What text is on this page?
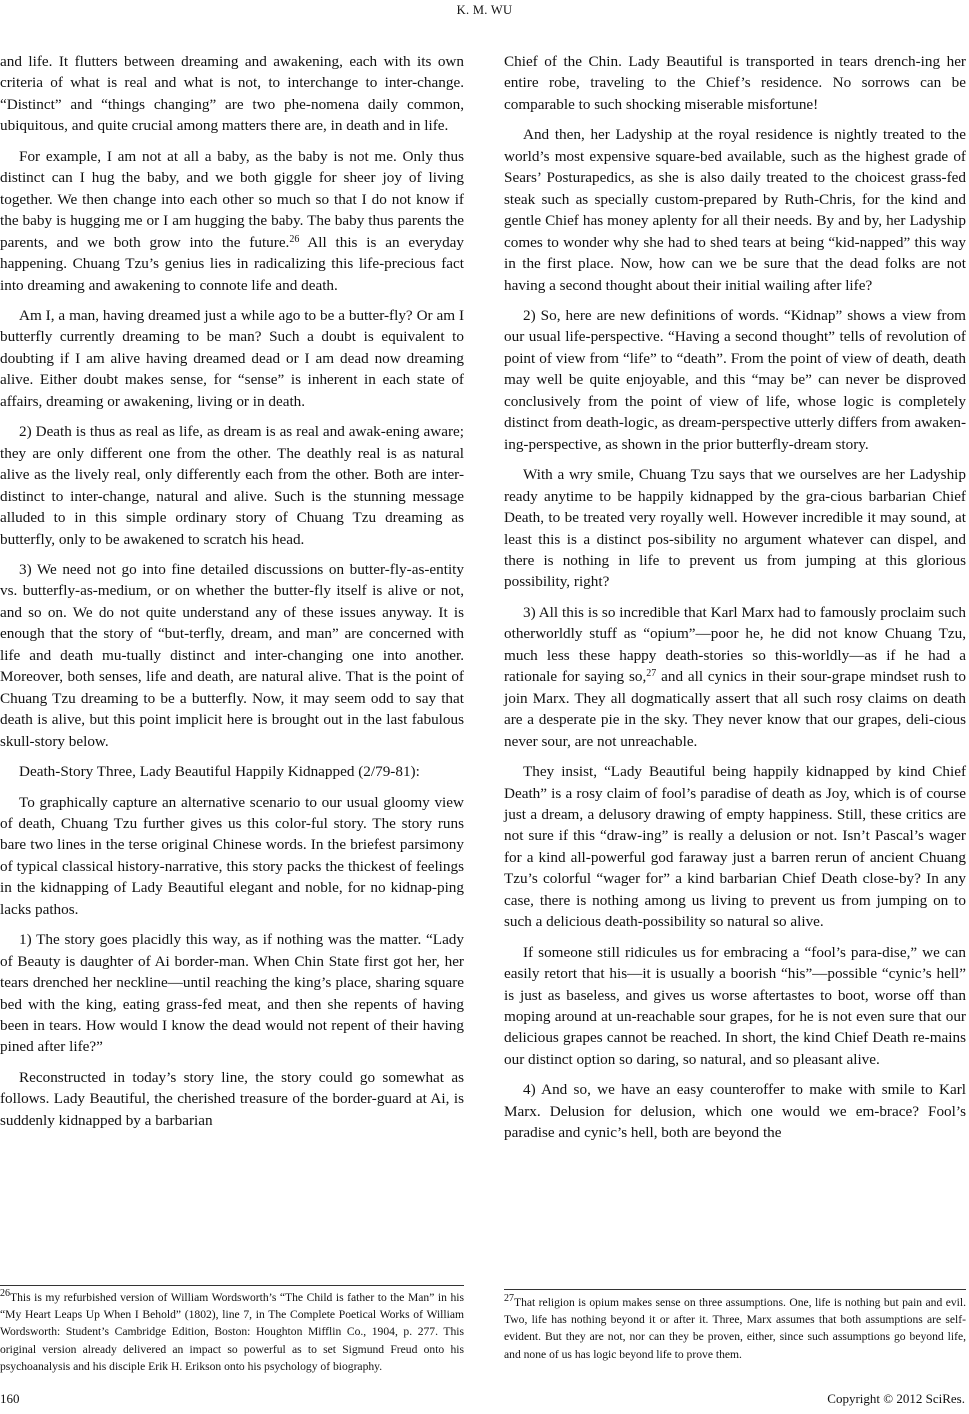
K. M. WU

and life. It flutters between dreaming and awakening, each with its own criteria of what is real and what is not, to interchange to inter-change. “Distinct” and “things changing” are two phe-nomena daily common, ubiquitous, and quite crucial among matters there are, in death and in life.

For example, I am not at all a baby, as the baby is not me. Only thus distinct can I hug the baby, and we both giggle for sheer joy of living together. We then change into each other so much so that I do not know if the baby is hugging me or I am hugging the baby. The baby thus parents the parents, and we both grow into the future.$^{26}$ All this is an everyday happening. Chuang Tzu’s genius lies in radicalizing this life-precious fact into dreaming and awakening to connote life and death.

Am I, a man, having dreamed just a while ago to be a butter-fly? Or am I butterfly currently dreaming to be man? Such a doubt is equivalent to doubting if I am alive having dreamed dead or I am dead now dreaming alive. Either doubt makes sense, for “sense” is inherent in each state of affairs, dreaming or awakening, living or in death.

2) Death is thus as real as life, as dream is as real and awak-ening aware; they are only different one from the other. The deathly real is as natural alive as the lively real, only differently each from the other. Both are inter-distinct to inter-change, natural and alive. Such is the stunning message alluded to in this simple ordinary story of Chuang Tzu dreaming as butterfly, only to be awakened to scratch his head.

3) We need not go into fine detailed discussions on butter-fly-as-entity vs. butterfly-as-medium, or on whether the butter-fly itself is alive or not, and so on. We do not quite understand any of these issues anyway. It is enough that the story of “but-terfly, dream, and man” are concerned with life and death mu-tually distinct and inter-changing one into another. Moreover, both senses, life and death, are natural alive. That is the point of Chuang Tzu dreaming to be a butterfly. Now, it may seem odd to say that death is alive, but this point implicit here is brought out in the last fabulous skull-story below.

Death-Story Three, Lady Beautiful Happily Kidnapped (2/79-81):

To graphically capture an alternative scenario to our usual gloomy view of death, Chuang Tzu further gives us this color-ful story. The story runs bare two lines in the terse original Chinese words. In the briefest parsimony of typical classical history-narrative, this story packs the thickest of feelings in the kidnapping of Lady Beautiful elegant and noble, for no kidnap-ping lacks pathos.

1) The story goes placidly this way, as if nothing was the matter. “Lady of Beauty is daughter of Ai border-man. When Chin State first got her, her tears drenched her neckline—until reaching the king’s place, sharing square bed with the king, eating grass-fed meat, and then she repents of having been in tears. How would I know the dead would not repent of their having pined after life?”

Reconstructed in today’s story line, the story could go somewhat as follows. Lady Beautiful, the cherished treasure of the border-guard at Ai, is suddenly kidnapped by a barbarian

Chief of the Chin. Lady Beautiful is transported in tears drench-ing her entire robe, traveling to the Chief’s residence. No sorrows can be comparable to such shocking miserable misfortune!

And then, her Ladyship at the royal residence is nightly treated to the world’s most expensive square-bed available, such as the highest grade of Sears’ Posturapedics, as she is also daily treated to the choicest grass-fed steak such as specially custom-prepared by Ruth-Chris, for the kind and gentle Chief has money aplenty for all their needs. By and by, her Ladyship comes to wonder why she had to shed tears at being “kid-napped” this way in the first place. Now, how can we be sure that the dead folks are not having a second thought about their initial wailing after life?

2) So, here are new definitions of words. “Kidnap” shows a view from our usual life-perspective. “Having a second thought” tells of revolution of point of view from “life” to “death”. From the point of view of death, death may well be quite enjoyable, and this “may be” can never be disproved conclusively from the point of view of life, whose logic is completely distinct from death-logic, as dream-perspective utterly differs from awaken-ing-perspective, as shown in the prior butterfly-dream story.

With a wry smile, Chuang Tzu says that we ourselves are her Ladyship ready anytime to be happily kidnapped by the gra-cious barbarian Chief Death, to be treated very royally well. However incredible it may sound, at least this is a distinct pos-sibility no argument whatever can dispel, and there is nothing in life to prevent us from jumping at this glorious possibility, right?

3) All this is so incredible that Karl Marx had to famously proclaim such otherworldly stuff as “opium”—poor he, he did not know Chuang Tzu, much less these happy death-stories so this-worldly—as if he had a rationale for saying so,$^{27}$ and all cynics in their sour-grape mindset rush to join Marx. They all dogmatically assert that all such rosy claims on death are a desperate pie in the sky. They never know that our grapes, deli-cious never sour, are not unreachable.

They insist, “Lady Beautiful being happily kidnapped by kind Chief Death” is a rosy claim of fool’s paradise of death as Joy, which is of course just a dream, a delusory drawing of empty happiness. Still, these critics are not sure if this “draw-ing” is really a delusion or not. Isn’t Pascal’s wager for a kind all-powerful god faraway just a barren rerun of ancient Chuang Tzu’s colorful “wager for” a kind barbarian Chief Death close-by? In any case, there is nothing among us living to prevent us from jumping on to such a delicious death-possibility so natural so alive.

If someone still ridicules us for embracing a “fool’s para-dise,” we can easily retort that his—it is usually a boorish “his”—possible “cynic’s hell” is just as baseless, and gives us worse aftertastes to boot, worse off than moping around at un-reachable sour grapes, for he is not even sure that our delicious grapes cannot be reached. In short, the kind Chief Death re-mains our distinct option so daring, so natural, and so pleasant alive.

4) And so, we have an easy counteroffer to make with smile to Karl Marx. Delusion for delusion, which one would we em-brace? Fool’s paradise and cynic’s hell, both are beyond the

$^{26}$This is my refurbished version of William Wordsworth’s “The Child is father to the Man” in his “My Heart Leaps Up When I Behold” (1802), line 7, in The Complete Poetical Works of William Wordsworth: Student’s Cambridge Edition, Boston: Houghton Mifflin Co., 1904, p. 277. This original version already delivered an impact so powerful as to set Sigmund Freud onto his psychoanalysis and his disciple Erik H. Erikson onto his psychology of biography.

$^{27}$That religion is opium makes sense on three assumptions. One, life is nothing but pain and evil. Two, life has nothing beyond it or after it. Three, Marx assumes that both assumptions are self-evident. But they are not, nor can they be proven, either, since such assumptions go beyond life, and none of us has logic beyond life to prove them.

160	Copyright © 2012 SciRes.
